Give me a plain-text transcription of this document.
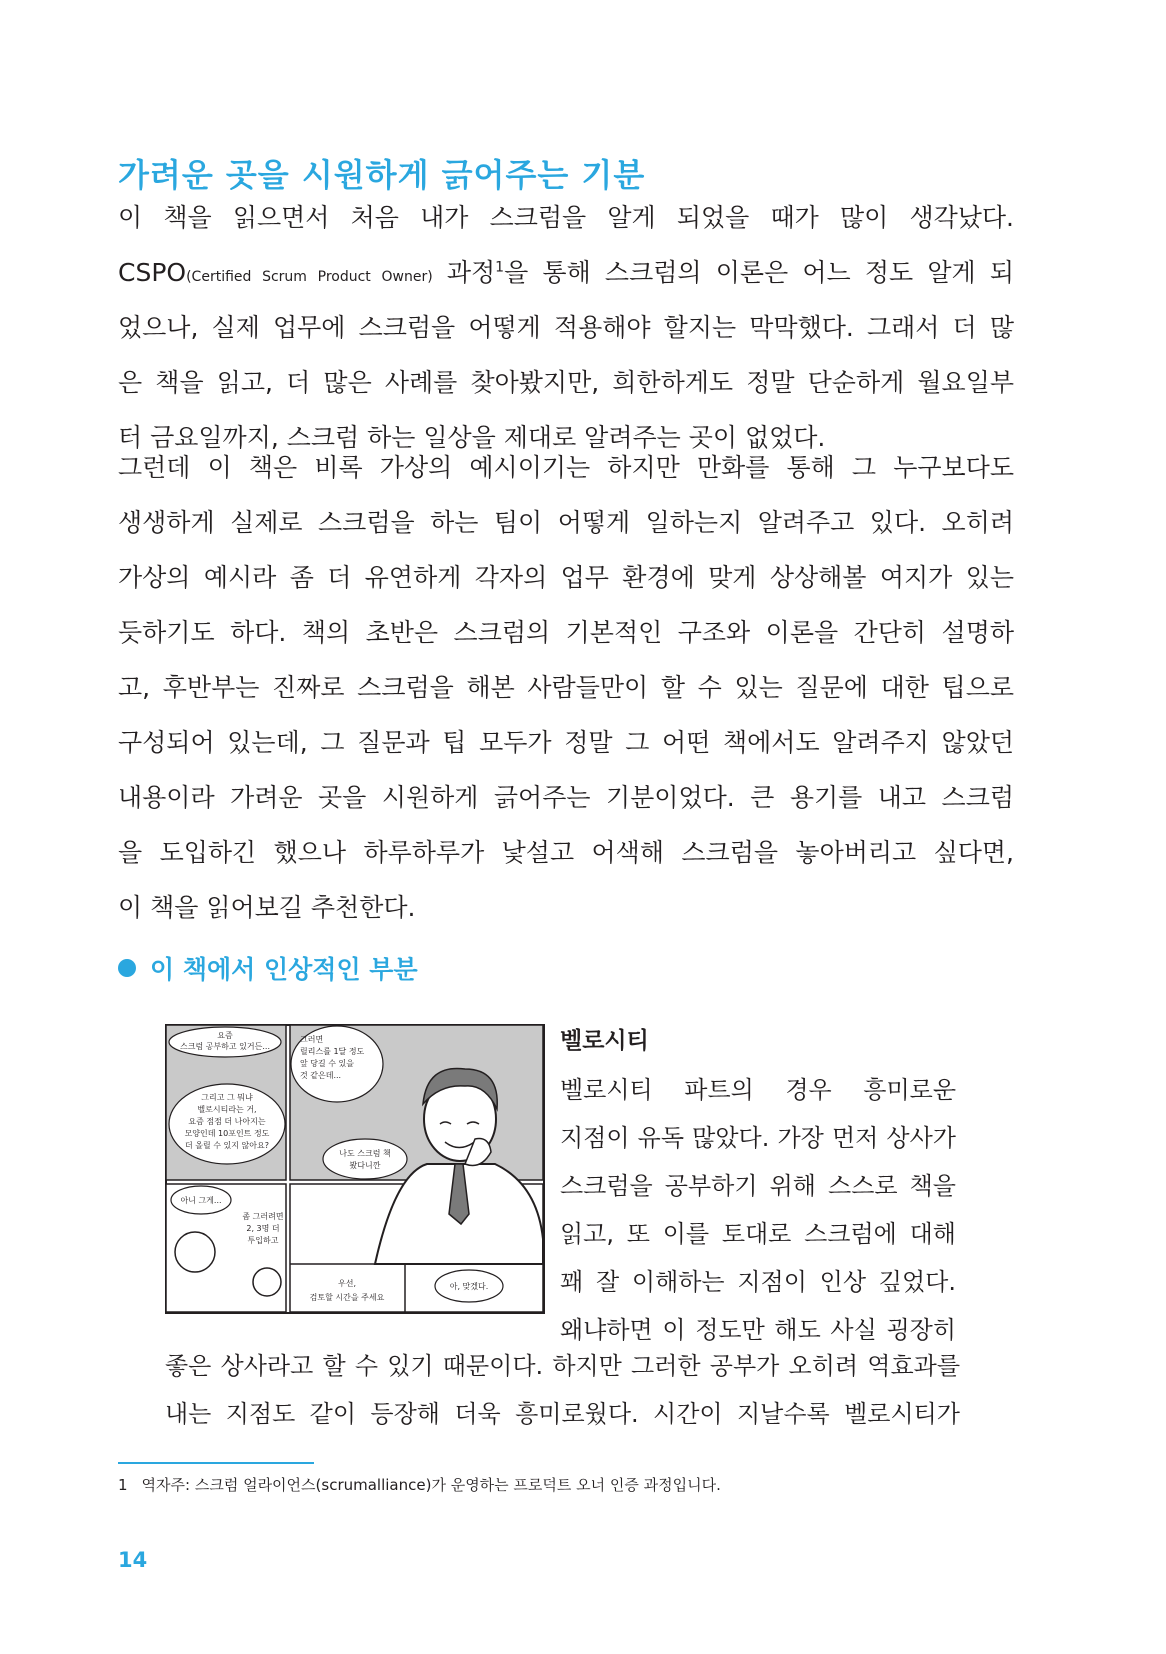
가려운 곳을 시원하게 긁어주는 기분
이 책을 읽으면서 처음 내가 스크럼을 알게 되었을 때가 많이 생각났다.
CSPO(Certified Scrum Product Owner) 과정$^1$을 통해 스크럼의 이론은 어느 정도 알게 되
었으나, 실제 업무에 스크럼을 어떻게 적용해야 할지는 막막했다. 그래서 더 많
은 책을 읽고, 더 많은 사례를 찾아봤지만, 희한하게도 정말 단순하게 월요일부
터 금요일까지, 스크럼 하는 일상을 제대로 알려주는 곳이 없었다.
그런데 이 책은 비록 가상의 예시이기는 하지만 만화를 통해 그 누구보다도
생생하게 실제로 스크럼을 하는 팀이 어떻게 일하는지 알려주고 있다. 오히려
가상의 예시라 좀 더 유연하게 각자의 업무 환경에 맞게 상상해볼 여지가 있는
듯하기도 하다. 책의 초반은 스크럼의 기본적인 구조와 이론을 간단히 설명하
고, 후반부는 진짜로 스크럼을 해본 사람들만이 할 수 있는 질문에 대한 팁으로
구성되어 있는데, 그 질문과 팁 모두가 정말 그 어떤 책에서도 알려주지 않았던
내용이라 가려운 곳을 시원하게 긁어주는 기분이었다. 큰 용기를 내고 스크럼
을 도입하긴 했으나 하루하루가 낯설고 어색해 스크럼을 놓아버리고 싶다면,
이 책을 읽어보길 추천한다.
이 책에서 인상적인 부분
요즘
스크럼 공부하고 있거든...
그러면
릴리스를 1달 정도
앞 당길 수 있을
것 같은데...
그리고 그 뭐냐
벨로시티라는 거,
요즘 점점 더 나아지는
모양인데 10포인트 정도
더 올릴 수 있지 않아요?
나도 스크럼 책
봤다니깐
아니 그게...
좀 그러려면
2, 3명 더
투입하고
우선,
검토할 시간을 주세요
아, 맞겠다.
벨로시티
벨로시티 파트의 경우 흥미로운
지점이 유독 많았다. 가장 먼저 상사가
스크럼을 공부하기 위해 스스로 책을
읽고, 또 이를 토대로 스크럼에 대해
꽤 잘 이해하는 지점이 인상 깊었다.
왜냐하면 이 정도만 해도 사실 굉장히
좋은 상사라고 할 수 있기 때문이다. 하지만 그러한 공부가 오히려 역효과를
내는 지점도 같이 등장해 더욱 흥미로웠다. 시간이 지날수록 벨로시티가
1 역자주: 스크럼 얼라이언스(scrumalliance)가 운영하는 프로덕트 오너 인증 과정입니다.
14
